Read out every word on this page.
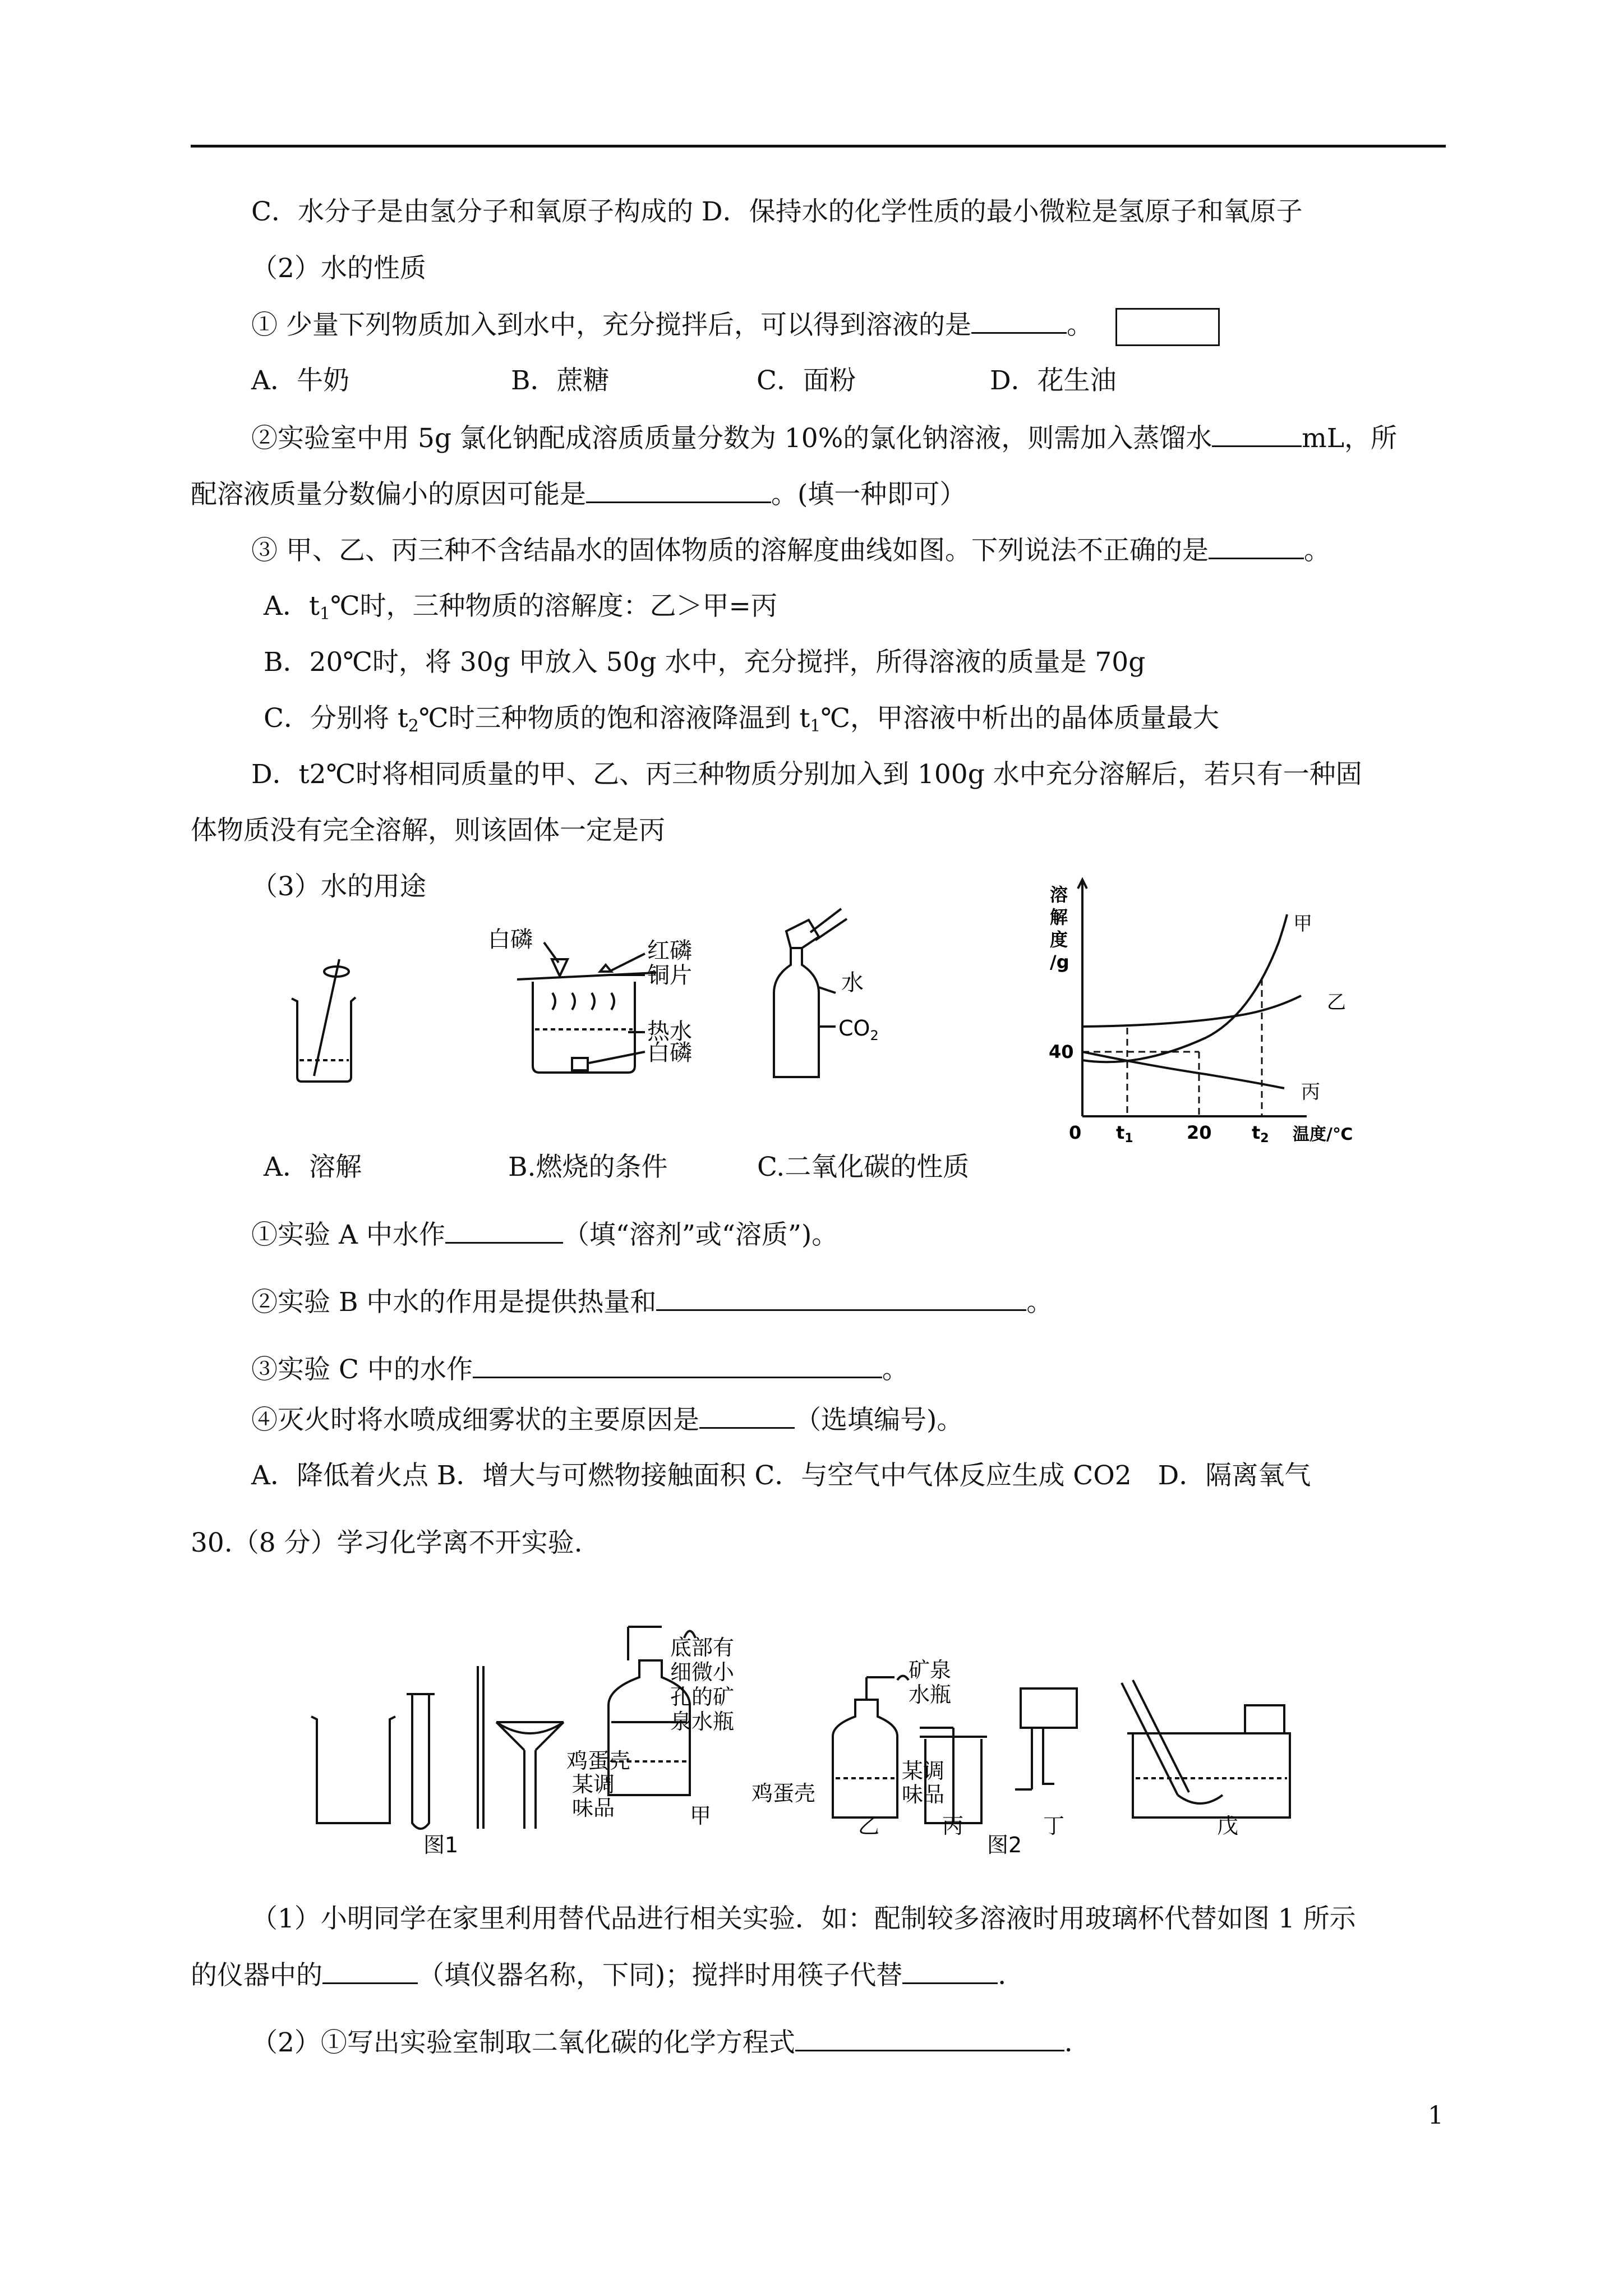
C．水分子是由氢分子和氧原子构成的 D．保持水的化学性质的最小微粒是氢原子和氧原子
（2）水的性质
① 少量下列物质加入到水中，充分搅拌后，可以得到溶液的是	。
A．牛奶	B．蔗糖	C．面粉	D．花生油
②实验室中用 5g 氯化钠配成溶质质量分数为 10%的氯化钠溶液，则需加入蒸馏水	mL，所
配溶液质量分数偏小的原因可能是	。(填一种即可）
③ 甲、乙、丙三种不含结晶水的固体物质的溶解度曲线如图。下列说法不正确的是	。
A．$t_1℃$时，三种物质的溶解度：乙＞甲=丙
B．20℃时，将 30g 甲放入 50g 水中，充分搅拌，所得溶液的质量是 70g
C．分别将 $t_2℃$时三种物质的饱和溶液降温到 $t_1℃$，甲溶液中析出的晶体质量最大
D．t2℃时将相同质量的甲、乙、丙三种物质分别加入到 100g 水中充分溶解后，若只有一种固
体物质没有完全溶解，则该固体一定是丙
（3）水的用途
白磷	红磷
铜片
热水
白磷
水
$CO_2$
溶
解
度
/g
40
0 t1	20 t2 温度/℃
甲
乙
丙
A．溶解	B.燃烧的条件	C.二氧化碳的性质
①实验 A 中水作	（填“溶剂”或“溶质”)。
②实验 B 中水的作用是提供热量和	。
③实验 C 中的水作	。
④灭火时将水喷成细雾状的主要原因是	（选填编号)。
A．降低着火点 B．增大与可燃物接触面积 C．与空气中气体反应生成 CO2　D．隔离氧气
30.（8 分）学习化学离不开实验.
底部有
细微小
孔的矿
泉水瓶
矿泉
水瓶
鸡蛋壳
某调
味品
鸡蛋壳
某调
味品
甲	乙	丙	丁	戊
图1	图2
（1）小明同学在家里利用替代品进行相关实验．如：配制较多溶液时用玻璃杯代替如图 1 所示
的仪器中的	（填仪器名称，下同)；搅拌时用筷子代替	．
（2）①写出实验室制取二氧化碳的化学方程式	．
1
